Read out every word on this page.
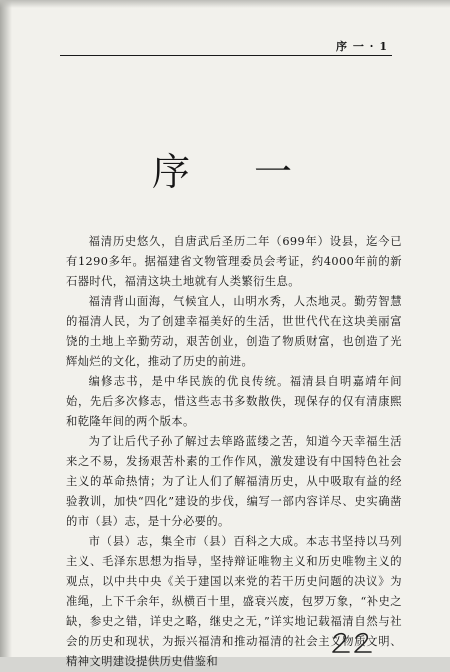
序 一 · 1
序 一

福清历史悠久，自唐武后圣历二年（699年）设县，迄今已有1290多年。据福建省文物管理委员会考证，约4000年前的新石器时代，福清这块土地就有人类繁衍生息。

福清背山面海，气候宜人，山明水秀，人杰地灵。勤劳智慧的福清人民，为了创建幸福美好的生活，世世代代在这块美丽富饶的土地上辛勤劳动，艰苦创业，创造了物质财富，也创造了光辉灿烂的文化，推动了历史的前进。

编修志书，是中华民族的优良传统。福清县自明嘉靖年间始，先后多次修志，惜这些志书多数散佚，现保存的仅有清康熙和乾隆年间的两个版本。

为了让后代子孙了解过去筚路蓝缕之苦，知道今天幸福生活来之不易，发扬艰苦朴素的工作作风，激发建设有中国特色社会主义的革命热情；为了让人们了解福清历史，从中吸取有益的经验教训，加快“四化”建设的步伐，编写一部内容详尽、史实确凿的市（县）志，是十分必要的。

市（县）志，集全市（县）百科之大成。本志书坚持以马列主义、毛泽东思想为指导，坚持辩证唯物主义和历史唯物主义的观点，以中共中央《关于建国以来党的若干历史问题的决议》为准绳，上下千余年，纵横百十里，盛衰兴废，包罗万象，“补史之缺，参史之错，详史之略，继史之无，”详实地记载福清自然与社会的历史和现状，为振兴福清和推动福清的社会主义物质文明、精神文明建设提供历史借鉴和
